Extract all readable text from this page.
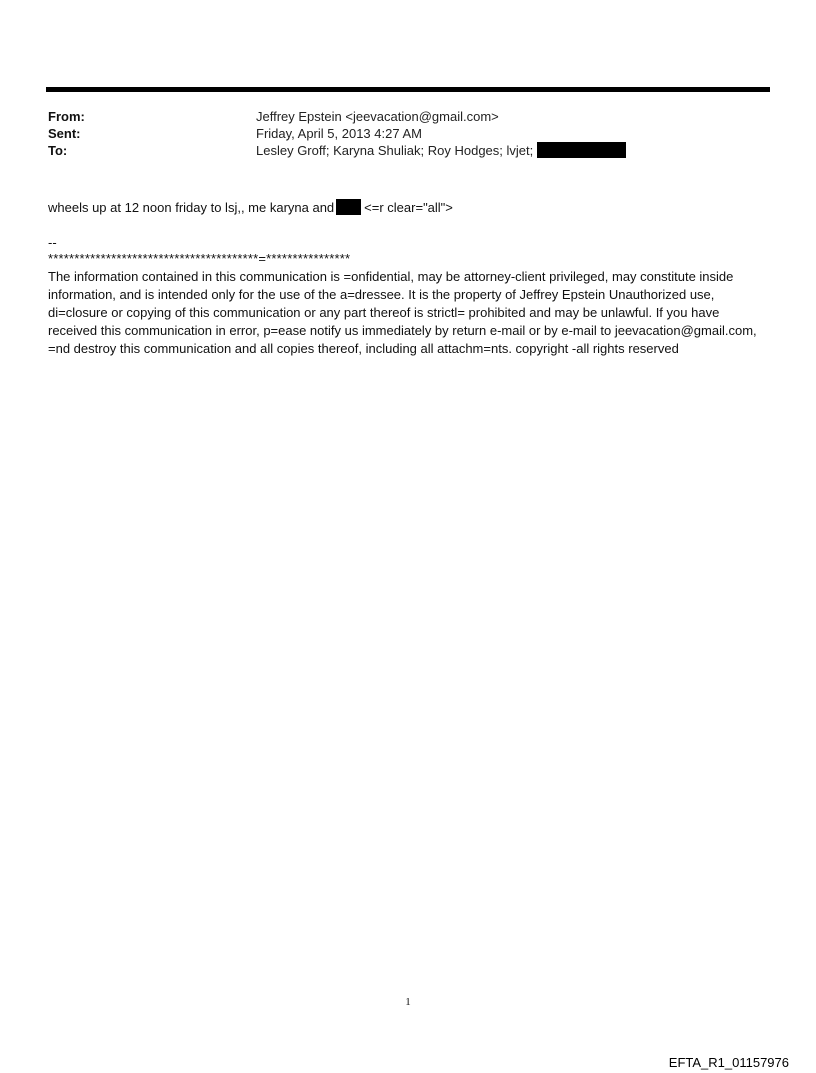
From:	Jeffrey Epstein <jeevacation@gmail.com>
Sent:	Friday, April 5, 2013 4:27 AM
To:	Lesley Groff; Karyna Shuliak; Roy Hodges; lvjet;
wheels up at 12 noon friday to lsj,, me karyna and <=r clear="all">
--
****************************************=****************
The information contained in this communication is =onfidential, may be attorney-client privileged, may constitute inside information, and is intended only for the use of the a=dressee. It is the property of Jeffrey Epstein Unauthorized use, di=closure or copying of this communication or any part thereof is strictl= prohibited and may be unlawful. If you have received this communication in error, p=ease notify us immediately by return e-mail or by e-mail to jeevacation@gmail.com, =nd destroy this communication and all copies thereof, including all attachm=nts. copyright -all rights reserved
1
EFTA_R1_01157976
